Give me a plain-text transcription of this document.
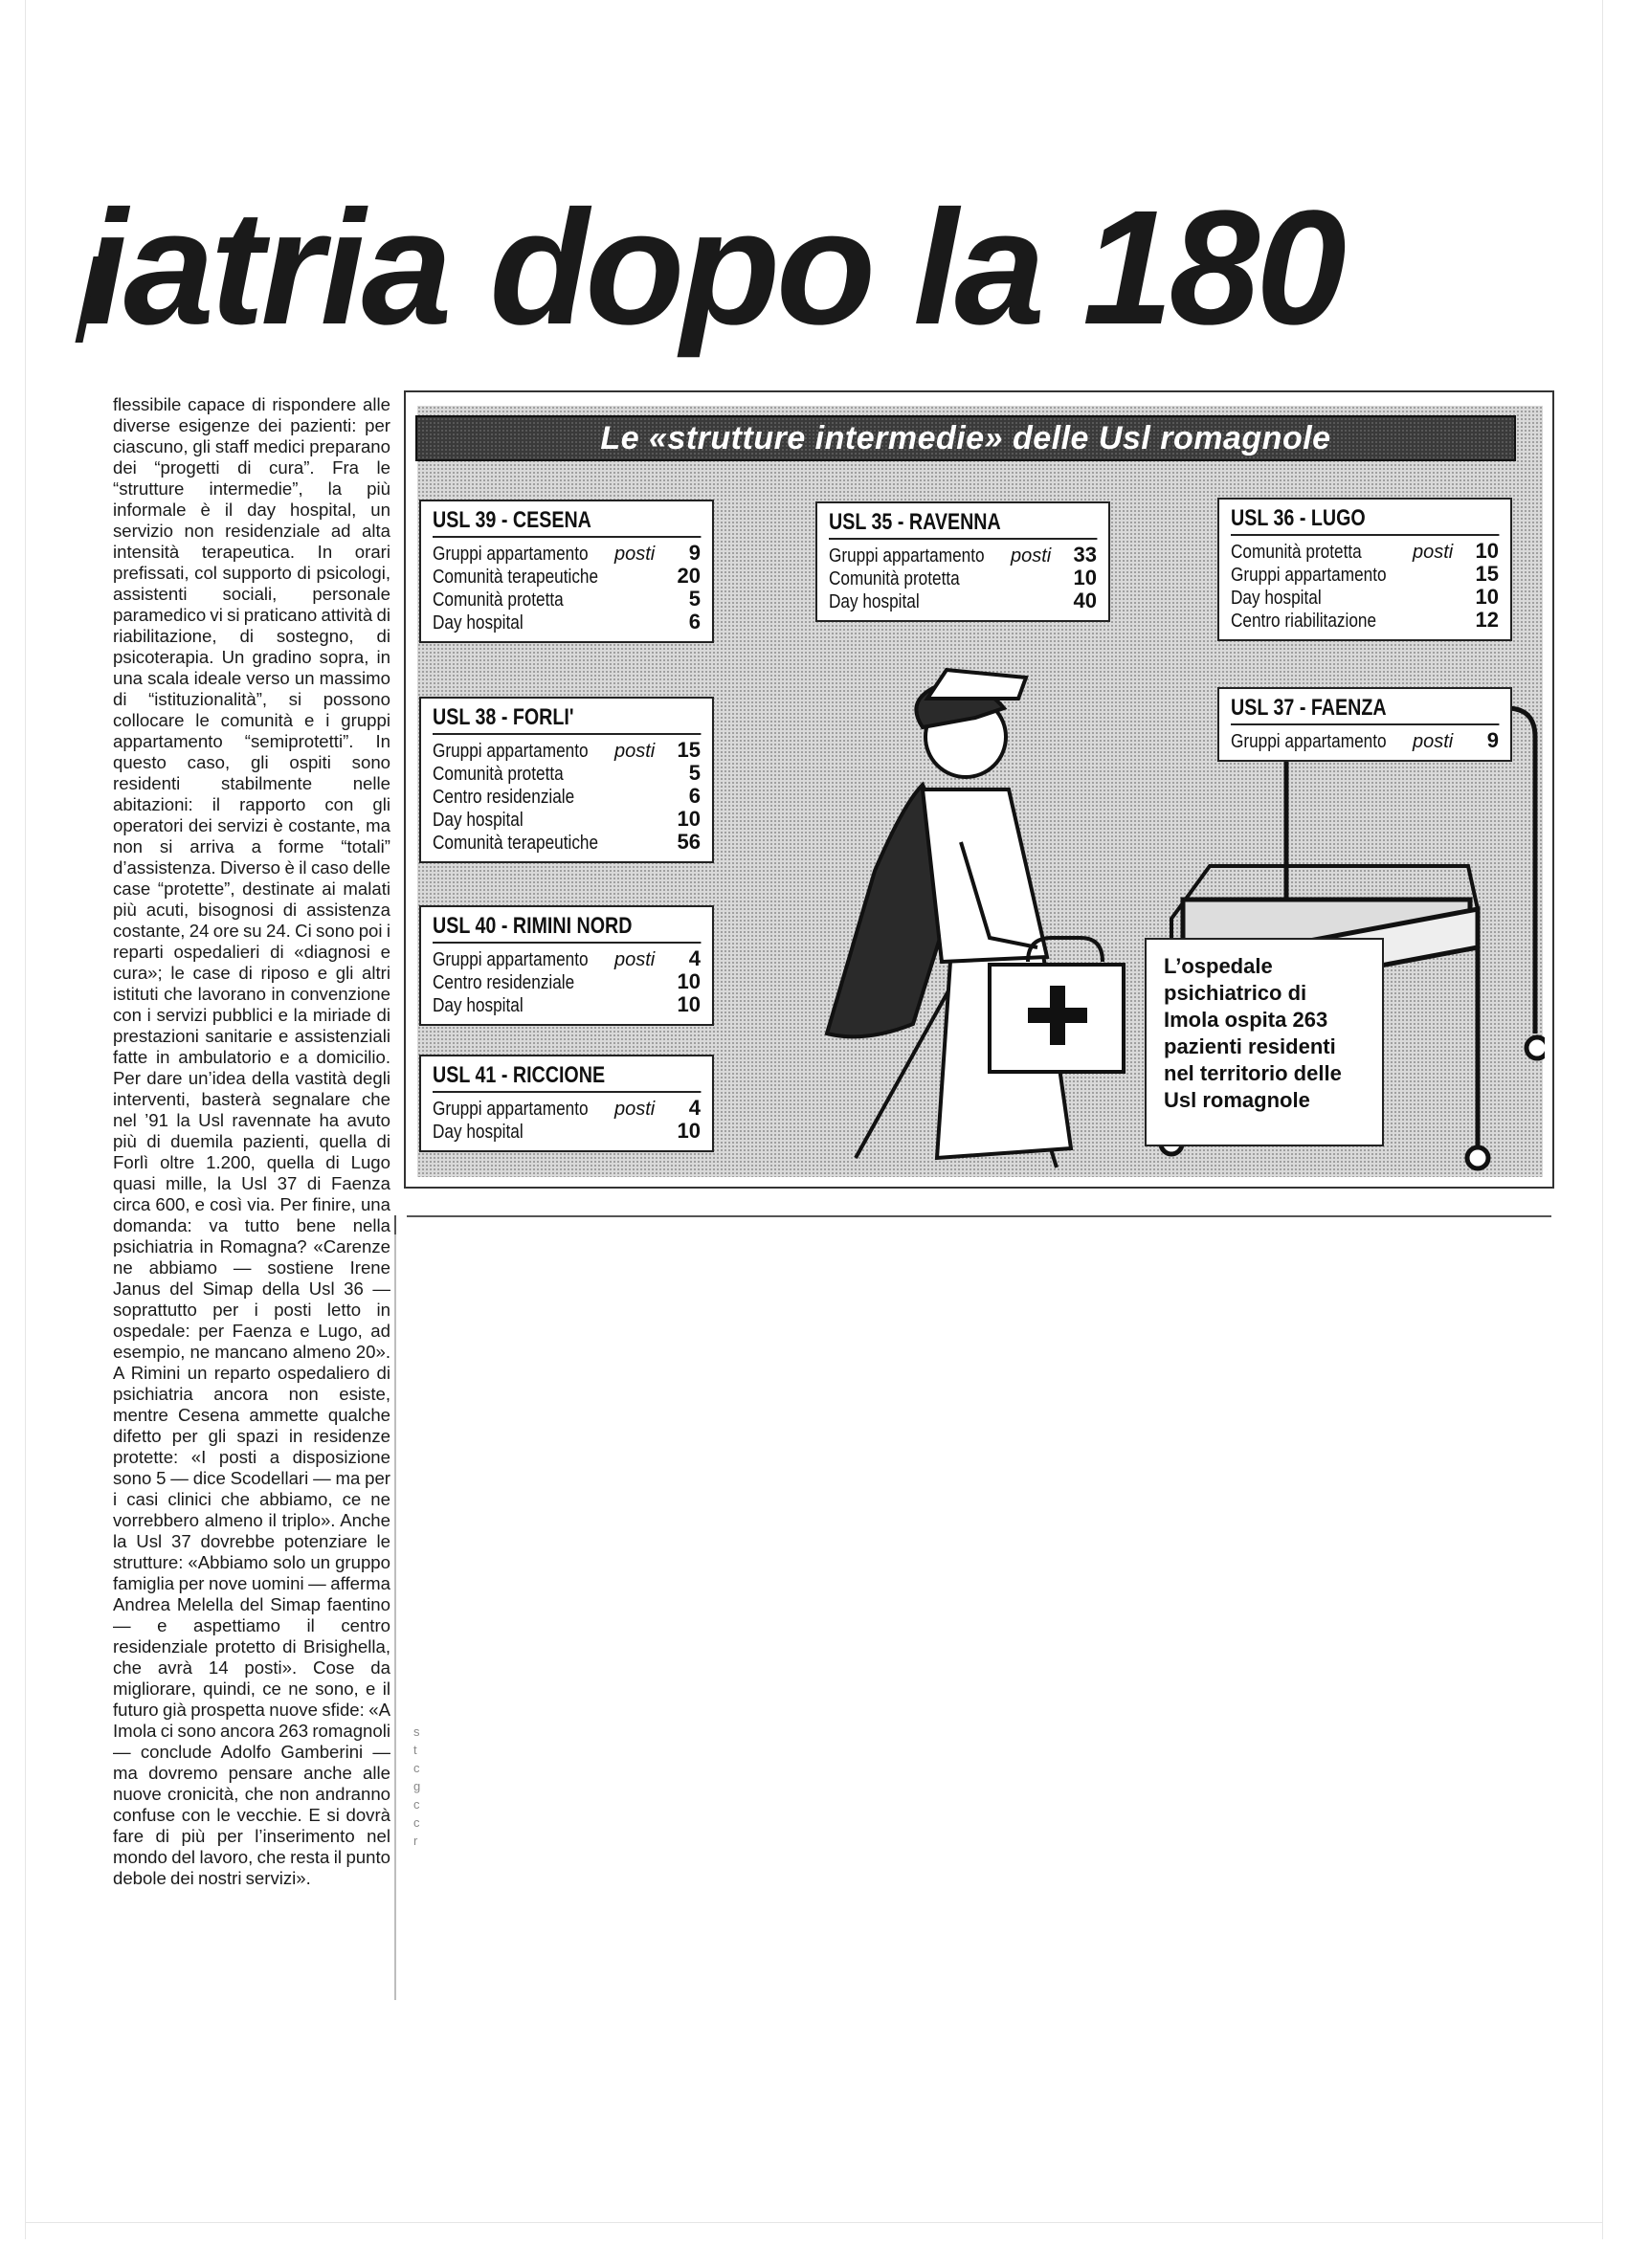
iatria dopo la 180

flessibile capace di rispondere alle diverse esigenze dei pazienti: per ciascuno, gli staff medici preparano dei “progetti di cura”. Fra le “strutture intermedie”, la più informale è il day hospital, un servizio non residenziale ad alta intensità terapeutica. In orari prefissati, col supporto di psicologi, assistenti sociali, personale paramedico vi si praticano attività di riabilitazione, di sostegno, di psicoterapia. Un gradino sopra, in una scala ideale verso un massimo di “istituzionalità”, si possono collocare le comunità e i gruppi appartamento “semiprotetti”. In questo caso, gli ospiti sono residenti stabilmente nelle abitazioni: il rapporto con gli operatori dei servizi è costante, ma non si arriva a forme “totali” d’assistenza. Diverso è il caso delle case “protette”, destinate ai malati più acuti, bisognosi di assistenza costante, 24 ore su 24. Ci sono poi i reparti ospedalieri di «diagnosi e cura»; le case di riposo e gli altri istituti che lavorano in convenzione con i servizi pubblici e la miriade di prestazioni sanitarie e assistenziali fatte in ambulatorio e a domicilio. Per dare un’idea della vastità degli interventi, basterà segnalare che nel ’91 la Usl ravennate ha avuto più di duemila pazienti, quella di Forlì oltre 1.200, quella di Lugo quasi mille, la Usl 37 di Faenza circa 600, e così via. Per finire, una domanda: va tutto bene nella psichiatria in Romagna? «Carenze ne abbiamo — sostiene Irene Janus del Simap della Usl 36 — soprattutto per i posti letto in ospedale: per Faenza e Lugo, ad esempio, ne mancano almeno 20». A Rimini un reparto ospedaliero di psichiatria ancora non esiste, mentre Cesena ammette qualche difetto per gli spazi in residenze protette: «I posti a disposizione sono 5 — dice Scodellari — ma per i casi clinici che abbiamo, ce ne vorrebbero almeno il triplo». Anche la Usl 37 dovrebbe potenziare le strutture: «Abbiamo solo un gruppo famiglia per nove uomini — afferma Andrea Melella del Simap faentino — e aspettiamo il centro residenziale protetto di Brisighella, che avrà 14 posti». Cose da migliorare, quindi, ce ne sono, e il futuro già prospetta nuove sfide: «A Imola ci sono ancora 263 romagnoli — conclude Adolfo Gamberini — ma dovremo pensare anche alle nuove cronicità, che non andranno confuse con le vecchie. E si dovrà fare di più per l’inserimento nel mondo del lavoro, che resta il punto debole dei nostri servizi».

s
t
c
g
c
c
r
Le «strutture intermedie» delle Usl romagnole
USL 39 - CESENA
Gruppi appartamento posti	9
Comunità terapeutiche	20
Comunità protetta	5
Day hospital	6
USL 38 - FORLI'
Gruppi appartamento posti	15
Comunità protetta	5
Centro residenziale	6
Day hospital	10
Comunità terapeutiche	56
USL 40 - RIMINI NORD
Gruppi appartamento posti	4
Centro residenziale	10
Day hospital	10
USL 41 - RICCIONE
Gruppi appartamento posti	4
Day hospital	10
USL 35 - RAVENNA
Gruppi appartamento posti	33
Comunità protetta	10
Day hospital	40
USL 36 - LUGO
Comunità protetta	posti	10
Gruppi appartamento	15
Day hospital	10
Centro riabilitazione	12
USL 37 - FAENZA
Gruppi appartamento posti	9
L’ospedale psichiatrico di Imola ospita 263 pazienti residenti nel territorio delle Usl romagnole
